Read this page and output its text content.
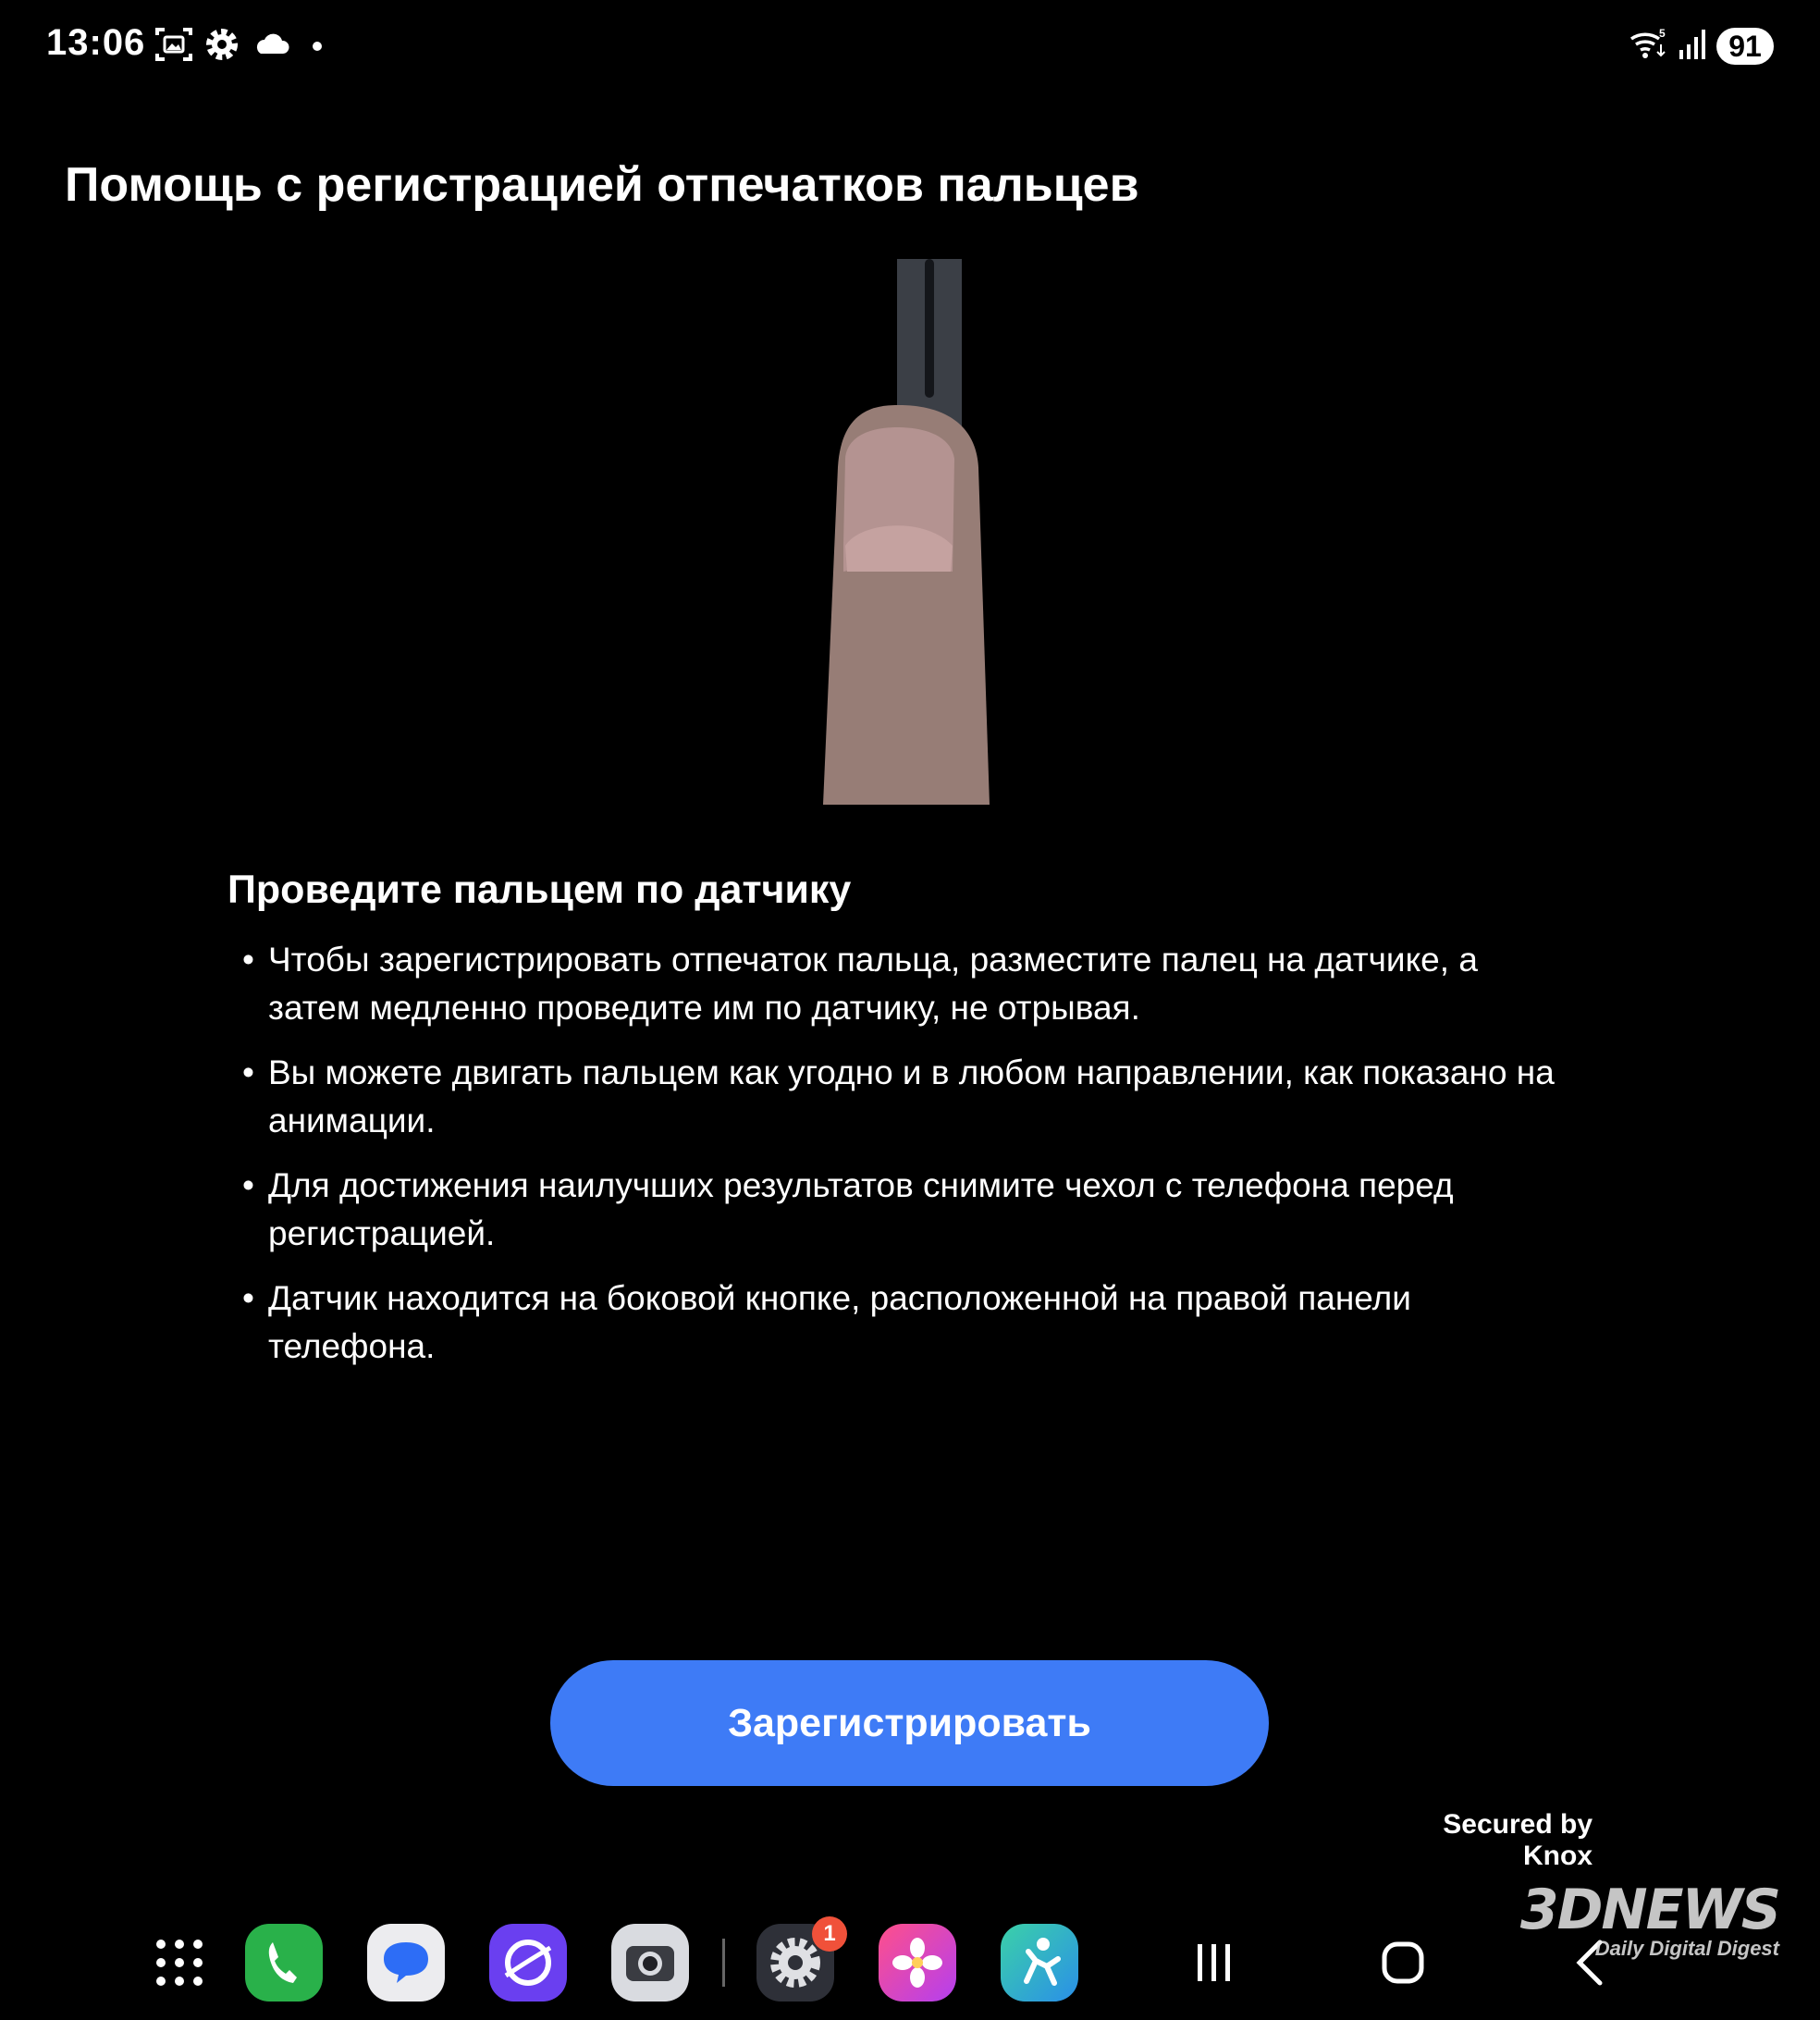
13:06	5	91
Помощь с регистрацией отпечатков пальцев
Проведите пальцем по датчику
• Чтобы зарегистрировать отпечаток пальца, разместите палец на датчике, а затем медленно проведите им по датчику, не отрывая.
• Вы можете двигать пальцем как угодно и в любом направлении, как показано на анимации.
• Для достижения наилучших результатов снимите чехол с телефона перед регистрацией.
• Датчик находится на боковой кнопке, расположенной на правой панели телефона.
Зарегистрировать
Secured by
Knox
1	3DNEWS
Daily Digital Digest
